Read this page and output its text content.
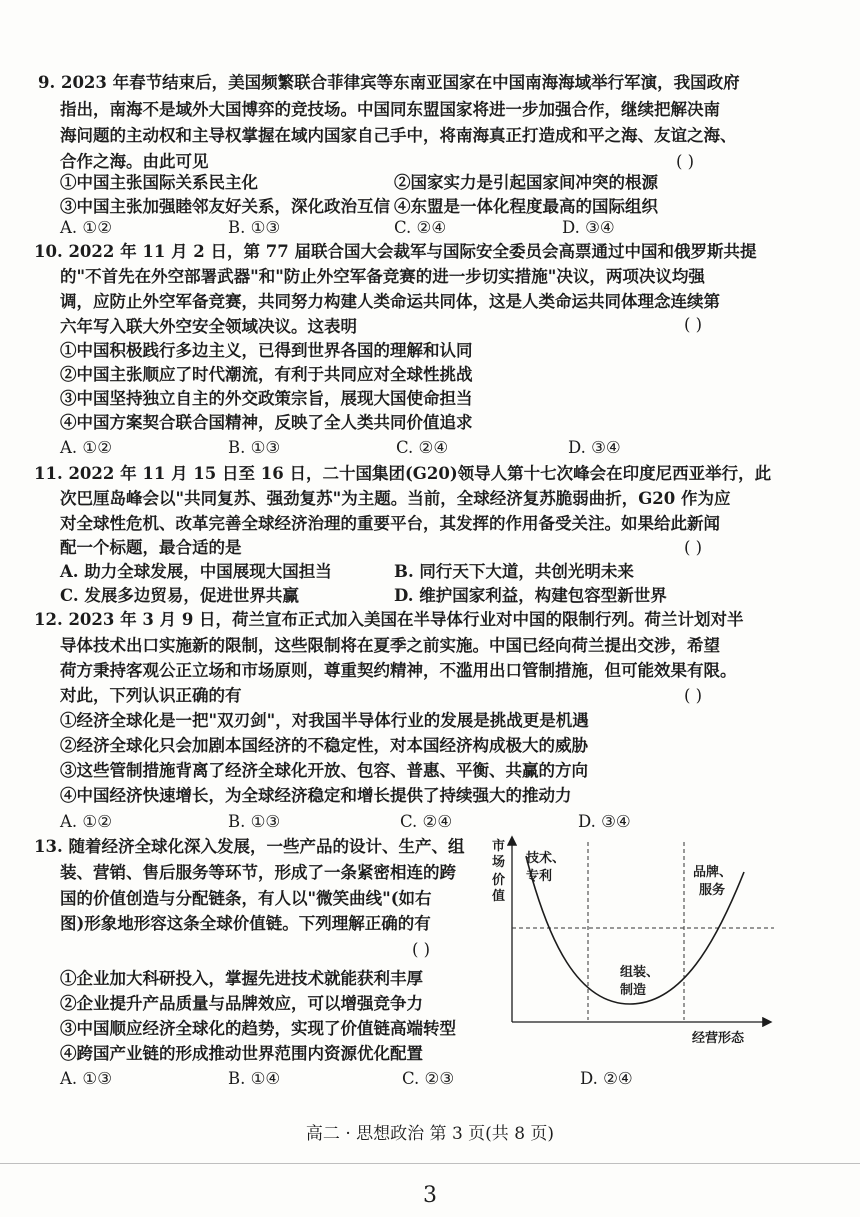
9. 2023 年春节结束后，美国频繁联合菲律宾等东南亚国家在中国南海海域举行军演，我国政府
指出，南海不是域外大国博弈的竞技场。中国同东盟国家将进一步加强合作，继续把解决南
海问题的主动权和主导权掌握在域内国家自己手中，将南海真正打造成和平之海、友谊之海、
合作之海。由此可见	( )
①中国主张国际关系民主化	②国家实力是引起国家间冲突的根源
③中国主张加强睦邻友好关系，深化政治互信 ④东盟是一体化程度最高的国际组织
A. ①②	B. ①③	C. ②④	D. ③④
10. 2022 年 11 月 2 日，第 77 届联合国大会裁军与国际安全委员会高票通过中国和俄罗斯共提
的"不首先在外空部署武器"和"防止外空军备竞赛的进一步切实措施"决议，两项决议均强
调，应防止外空军备竞赛，共同努力构建人类命运共同体，这是人类命运共同体理念连续第
六年写入联大外空安全领域决议。这表明	( )
①中国积极践行多边主义，已得到世界各国的理解和认同
②中国主张顺应了时代潮流，有利于共同应对全球性挑战
③中国坚持独立自主的外交政策宗旨，展现大国使命担当
④中国方案契合联合国精神，反映了全人类共同价值追求
A. ①②	B. ①③	C. ②④	D. ③④
11. 2022 年 11 月 15 日至 16 日，二十国集团(G20)领导人第十七次峰会在印度尼西亚举行，此
次巴厘岛峰会以"共同复苏、强劲复苏"为主题。当前，全球经济复苏脆弱曲折，G20 作为应
对全球性危机、改革完善全球经济治理的重要平台，其发挥的作用备受关注。如果给此新闻
配一个标题，最合适的是	( )
A. 助力全球发展，中国展现大国担当	B. 同行天下大道，共创光明未来
C. 发展多边贸易，促进世界共赢	D. 维护国家利益，构建包容型新世界
12. 2023 年 3 月 9 日，荷兰宣布正式加入美国在半导体行业对中国的限制行列。荷兰计划对半
导体技术出口实施新的限制，这些限制将在夏季之前实施。中国已经向荷兰提出交涉，希望
荷方秉持客观公正立场和市场原则，尊重契约精神，不滥用出口管制措施，但可能效果有限。
对此，下列认识正确的有	( )
①经济全球化是一把"双刃剑"，对我国半导体行业的发展是挑战更是机遇
②经济全球化只会加剧本国经济的不稳定性，对本国经济构成极大的威胁
③这些管制措施背离了经济全球化开放、包容、普惠、平衡、共赢的方向
④中国经济快速增长，为全球经济稳定和增长提供了持续强大的推动力
A. ①②	B. ①③	C. ②④	D. ③④
13. 随着经济全球化深入发展，一些产品的设计、生产、组
装、营销、售后服务等环节，形成了一条紧密相连的跨
国的价值创造与分配链条，有人以"微笑曲线"(如右
图)形象地形容这条全球价值链。下列理解正确的有
( )
①企业加大科研投入，掌握先进技术就能获利丰厚
②企业提升产品质量与品牌效应，可以增强竞争力
③中国顺应经济全球化的趋势，实现了价值链高端转型
④跨国产业链的形成推动世界范围内资源优化配置
A. ①③	B. ①④	C. ②③	D. ②④
市场价值
技术、
专利	品牌、
服务
组装、
制造
经营形态
高二 · 思想政治 第 3 页(共 8 页)
3
